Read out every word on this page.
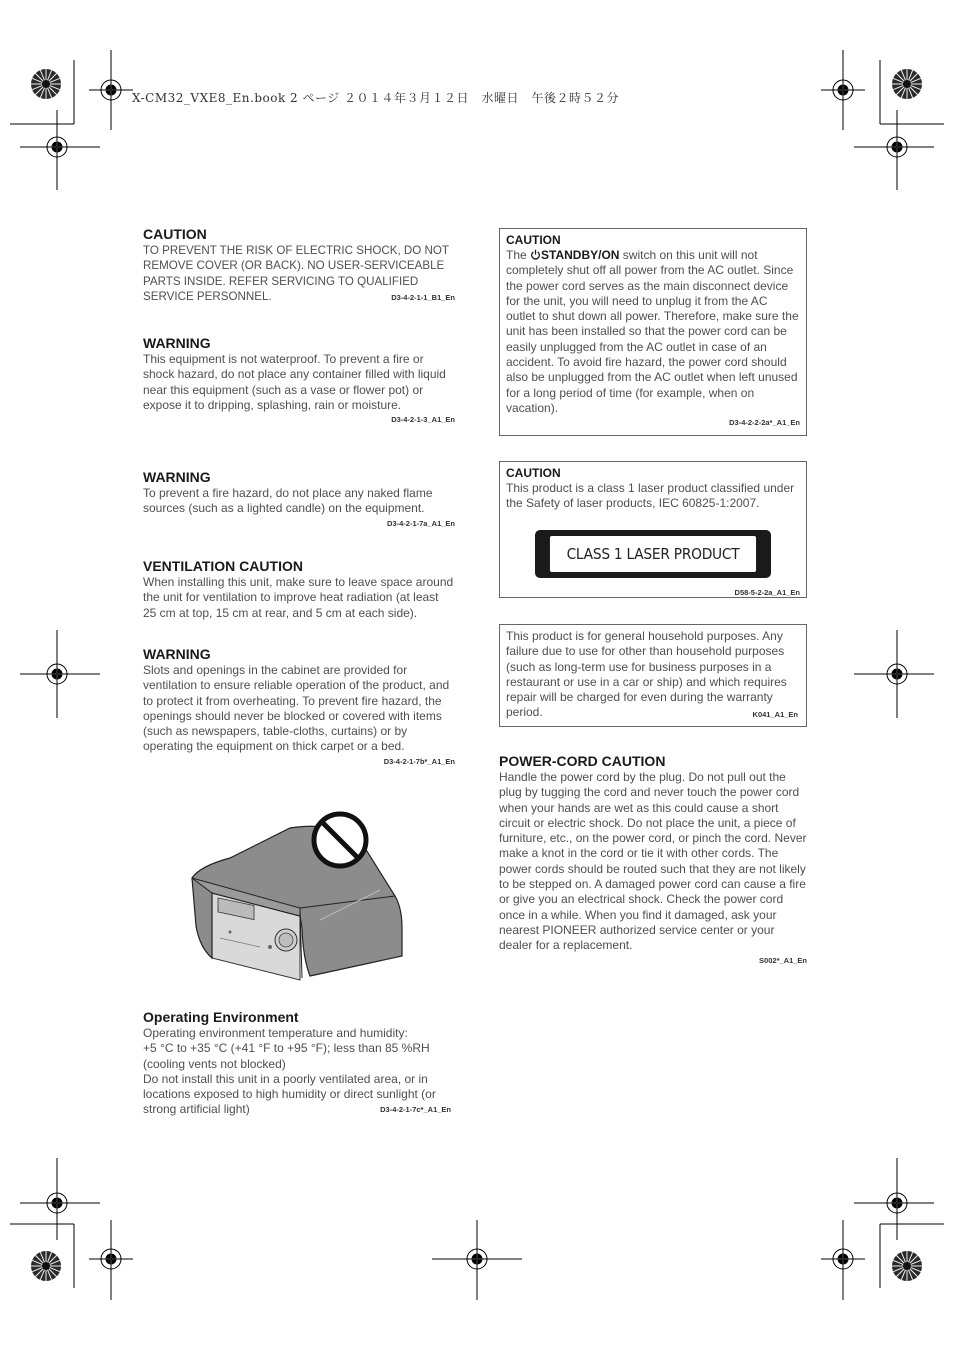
X-CM32_VXE8_En.book 2 ページ ２０１４年３月１２日　水曜日　午後２時５２分
CAUTION

TO PREVENT THE RISK OF ELECTRIC SHOCK, DO NOT REMOVE COVER (OR BACK). NO USER-SERVICEABLE PARTS INSIDE. REFER SERVICING TO QUALIFIED SERVICE PERSONNEL.	D3-4-2-1-1_B1_En
WARNING

This equipment is not waterproof. To prevent a fire or shock hazard, do not place any container filled with liquid near this equipment (such as a vase or flower pot) or expose it to dripping, splashing, rain or moisture.

D3-4-2-1-3_A1_En
WARNING

To prevent a fire hazard, do not place any naked flame sources (such as a lighted candle) on the equipment.

D3-4-2-1-7a_A1_En
VENTILATION CAUTION

When installing this unit, make sure to leave space around the unit for ventilation to improve heat radiation (at least 25 cm at top, 15 cm at rear, and 5 cm at each side).

WARNING

Slots and openings in the cabinet are provided for ventilation to ensure reliable operation of the product, and to protect it from overheating. To prevent fire hazard, the openings should never be blocked or covered with items (such as newspapers, table-cloths, curtains) or by operating the equipment on thick carpet or a bed.

D3-4-2-1-7b*_A1_En
Operating Environment

Operating environment temperature and humidity:

+5 °C to +35 °C (+41 °F to +95 °F); less than 85 %RH (cooling vents not blocked)

Do not install this unit in a poorly ventilated area, or in locations exposed to high humidity or direct sunlight (or strong artificial light)	D3-4-2-1-7c*_A1_En
CAUTION

The STANDBY/ON switch on this unit will not completely shut off all power from the AC outlet. Since the power cord serves as the main disconnect device for the unit, you will need to unplug it from the AC outlet to shut down all power. Therefore, make sure the unit has been installed so that the power cord can be easily unplugged from the AC outlet in case of an accident. To avoid fire hazard, the power cord should also be unplugged from the AC outlet when left unused for a long period of time (for example, when on vacation).

D3-4-2-2-2a*_A1_En
CAUTION

This product is a class 1 laser product classified under the Safety of laser products, IEC 60825-1:2007.

CLASS 1 LASER PRODUCT
D58-5-2-2a_A1_En

This product is for general household purposes. Any failure due to use for other than household purposes (such as long-term use for business purposes in a restaurant or use in a car or ship) and which requires repair will be charged for even during the warranty period.	K041_A1_En
POWER-CORD CAUTION

Handle the power cord by the plug. Do not pull out the plug by tugging the cord and never touch the power cord when your hands are wet as this could cause a short circuit or electric shock. Do not place the unit, a piece of furniture, etc., on the power cord, or pinch the cord. Never make a knot in the cord or tie it with other cords. The power cords should be routed such that they are not likely to be stepped on. A damaged power cord can cause a fire or give you an electrical shock. Check the power cord once in a while. When you find it damaged, ask your nearest PIONEER authorized service center or your dealer for a replacement.

S002*_A1_En
